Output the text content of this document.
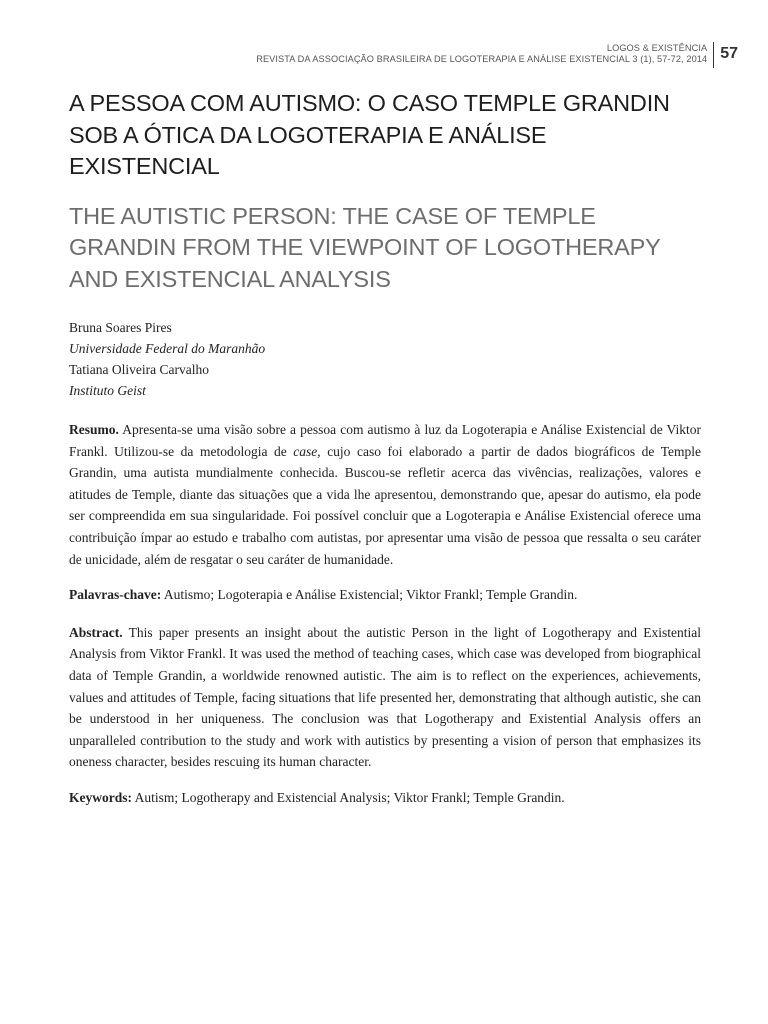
LOGOS & EXISTÊNCIA
REVISTA DA ASSOCIAÇÃO BRASILEIRA DE LOGOTERAPIA E ANÁLISE EXISTENCIAL 3 (1), 57-72, 2014 57
A PESSOA COM AUTISMO: O CASO TEMPLE GRANDIN SOB A ÓTICA DA LOGOTERAPIA E ANÁLISE EXISTENCIAL
THE AUTISTIC PERSON: THE CASE OF TEMPLE GRANDIN FROM THE VIEWPOINT OF LOGOTHERAPY AND EXISTENCIAL ANALYSIS
Bruna Soares Pires
Universidade Federal do Maranhão
Tatiana Oliveira Carvalho
Instituto Geist

Resumo. Apresenta-se uma visão sobre a pessoa com autismo à luz da Logoterapia e Análise Existencial de Viktor Frankl. Utilizou-se da metodologia de case, cujo caso foi elaborado a partir de dados biográficos de Temple Grandin, uma autista mundialmente conhecida. Buscou-se refletir acerca das vivências, realizações, valores e atitudes de Temple, diante das situações que a vida lhe apresentou, demonstrando que, apesar do autismo, ela pode ser compreendida em sua singularidade. Foi possível concluir que a Logoterapia e Análise Existencial oferece uma contribuição ímpar ao estudo e trabalho com autistas, por apresentar uma visão de pessoa que ressalta o seu caráter de unicidade, além de resgatar o seu caráter de humanidade.

Palavras-chave: Autismo; Logoterapia e Análise Existencial; Viktor Frankl; Temple Grandin.

Abstract. This paper presents an insight about the autistic Person in the light of Logotherapy and Existential Analysis from Viktor Frankl. It was used the method of teaching cases, which case was developed from biographical data of Temple Grandin, a worldwide renowned autistic. The aim is to reflect on the experiences, achievements, values and attitudes of Temple, facing situations that life presented her, demonstrating that although autistic, she can be understood in her uniqueness. The conclusion was that Logotherapy and Existential Analysis offers an unparalleled contribution to the study and work with autistics by presenting a vision of person that emphasizes its oneness character, besides rescuing its human character.

Keywords: Autism; Logotherapy and Existencial Analysis; Viktor Frankl; Temple Grandin.
